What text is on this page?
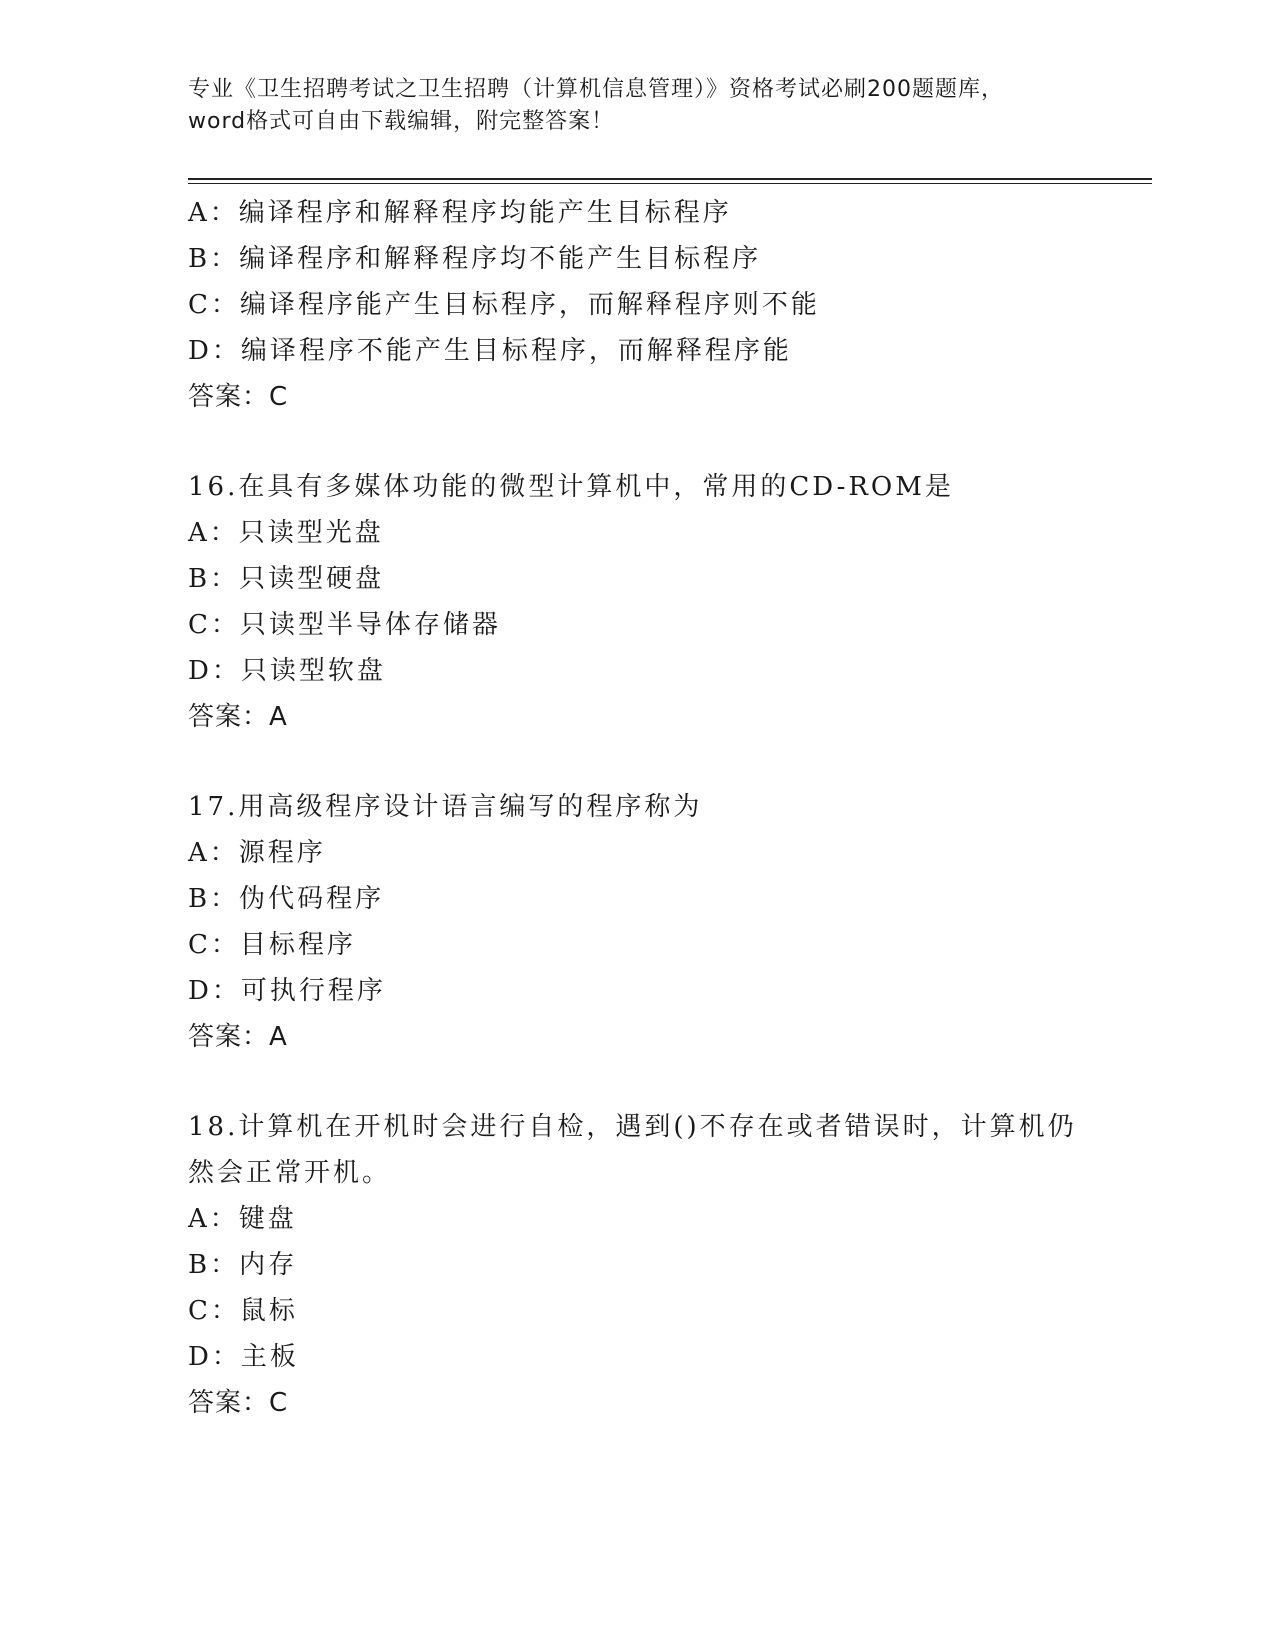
专业《卫生招聘考试之卫生招聘（计算机信息管理）》资格考试必刷200题题库，
word格式可自由下载编辑，附完整答案！
A：编译程序和解释程序均能产生目标程序
B：编译程序和解释程序均不能产生目标程序
C：编译程序能产生目标程序，而解释程序则不能
D：编译程序不能产生目标程序，而解释程序能
答案：C
16.在具有多媒体功能的微型计算机中，常用的CD-ROM是
A：只读型光盘
B：只读型硬盘
C：只读型半导体存储器
D：只读型软盘
答案：A
17.用高级程序设计语言编写的程序称为
A：源程序
B：伪代码程序
C：目标程序
D：可执行程序
答案：A
18.计算机在开机时会进行自检，遇到()不存在或者错误时，计算机仍
然会正常开机。
A：键盘
B：内存
C：鼠标
D：主板
答案：C
